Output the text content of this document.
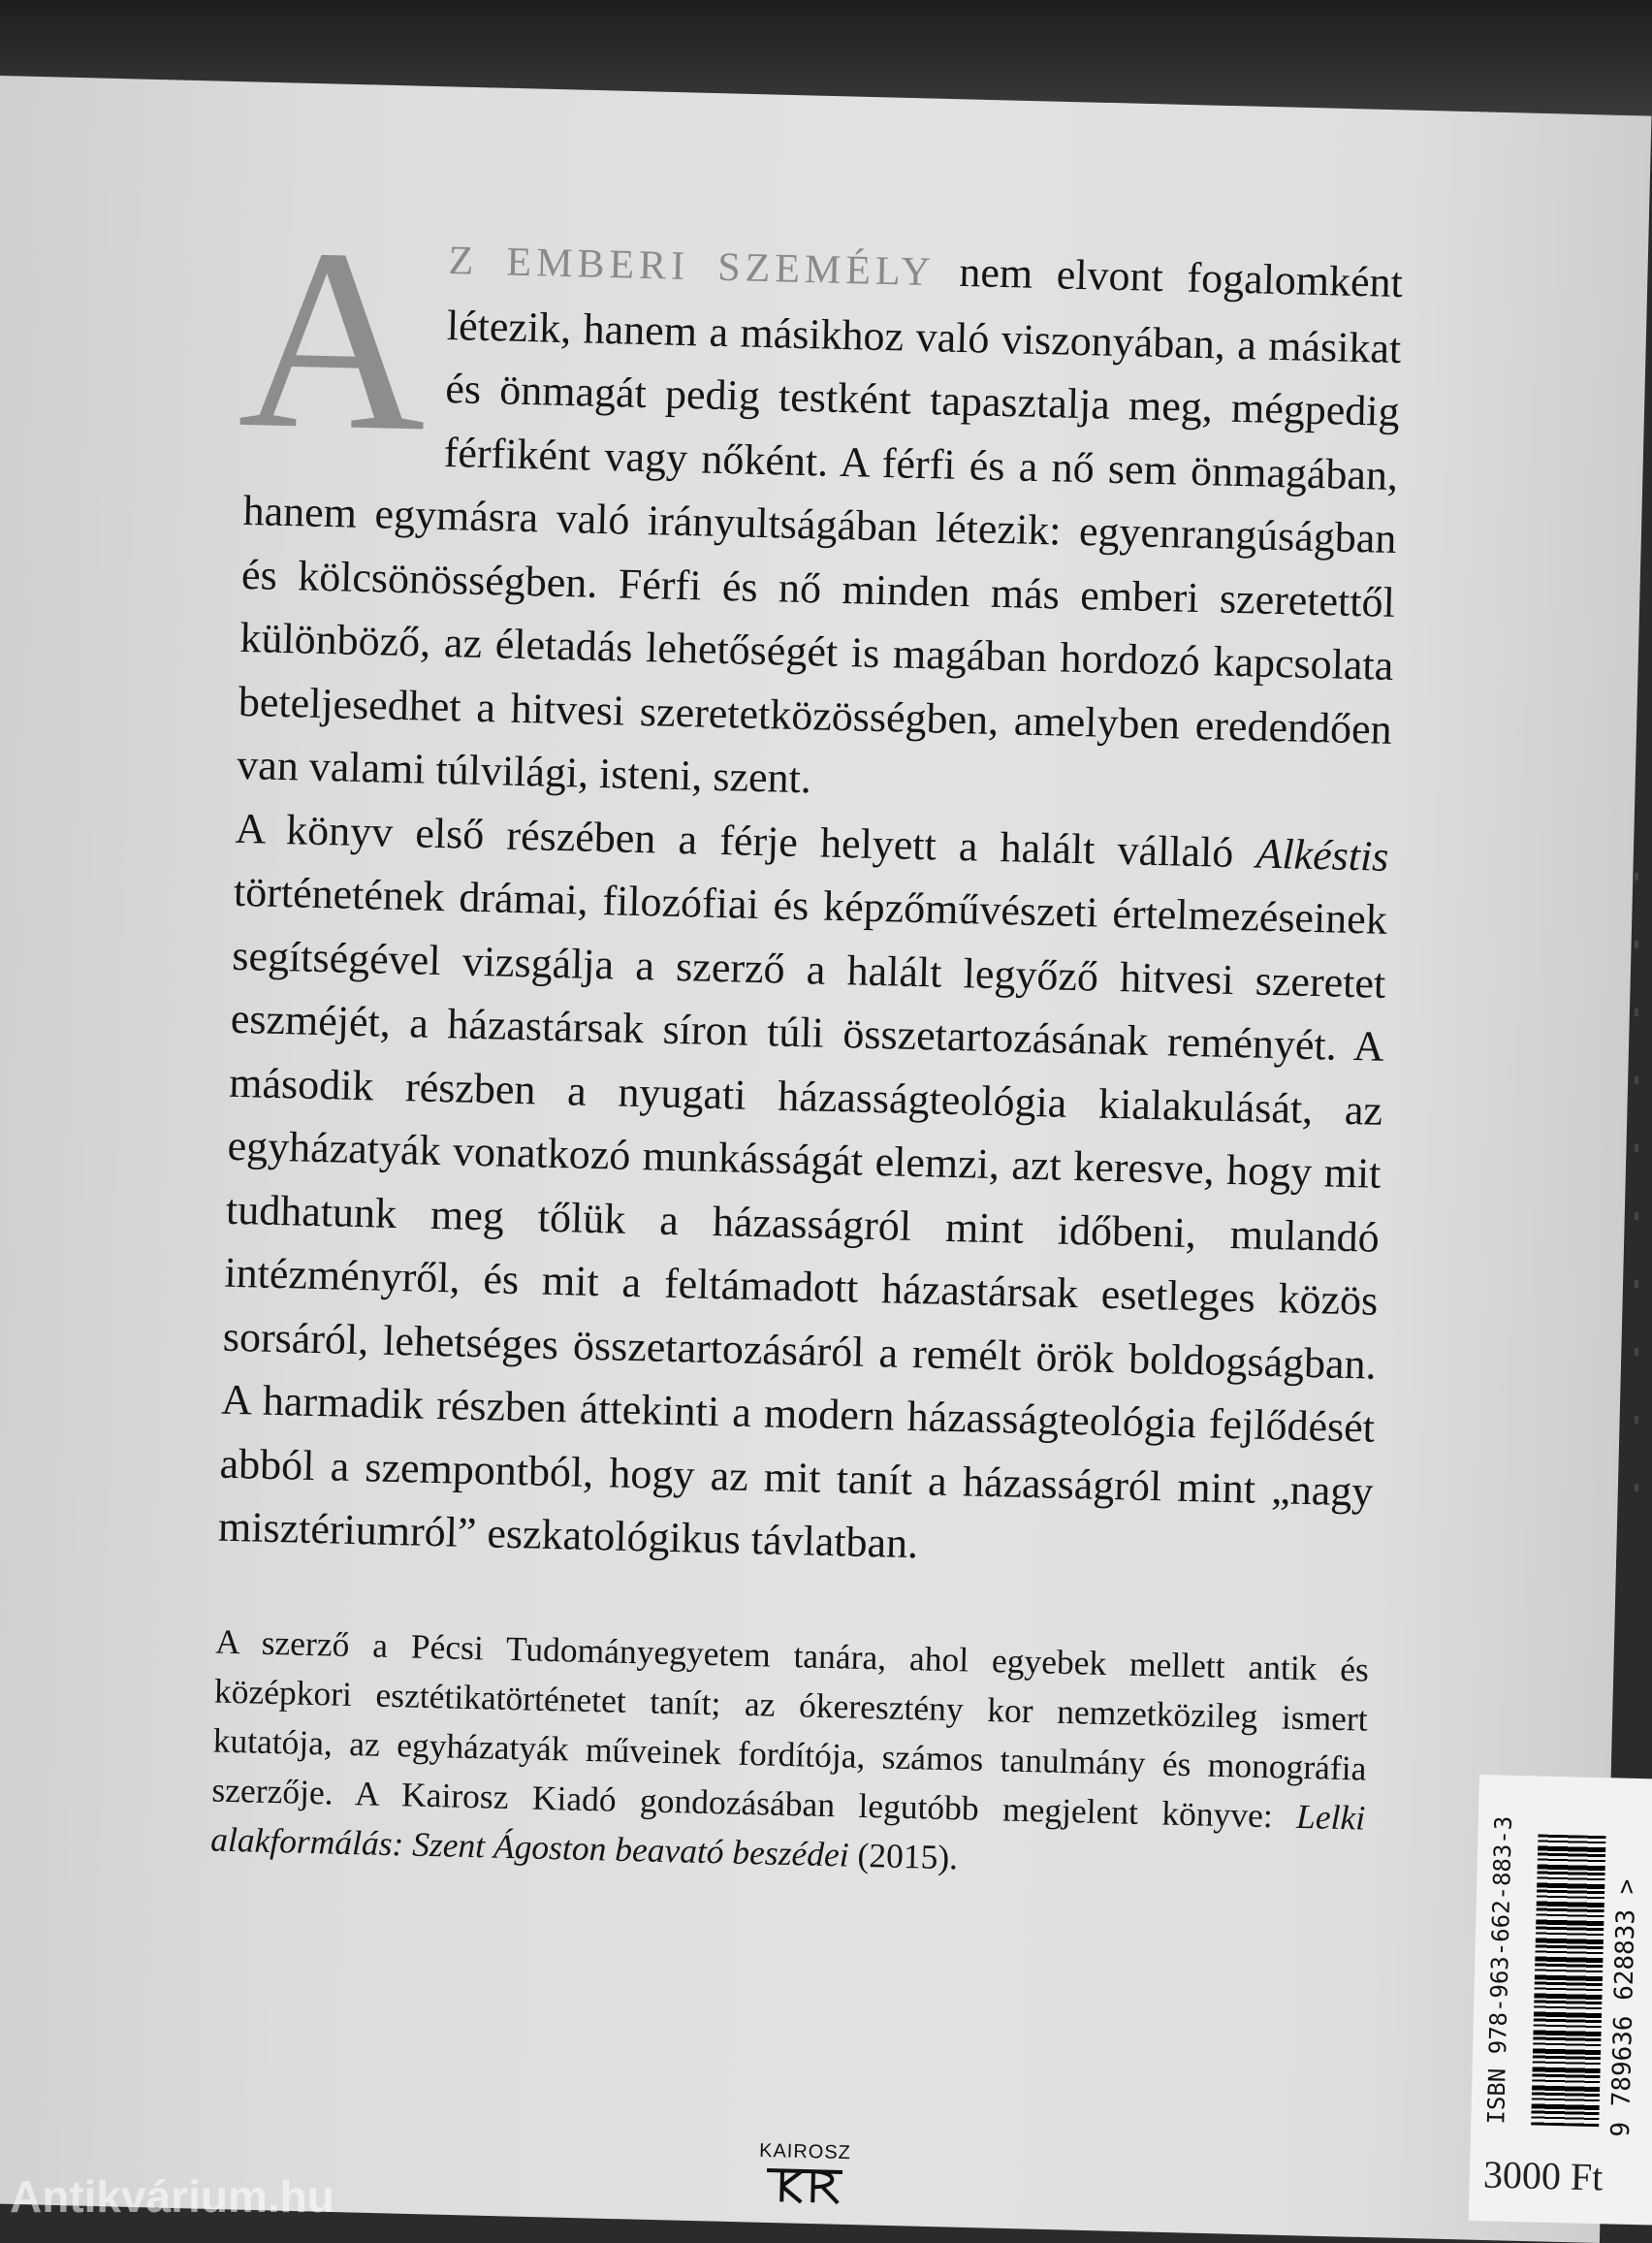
A Z EMBERI SZEMÉLY nem elvont fogalomként létezik, hanem a másikhoz való viszonyában, a másikat és önmagát pedig testként tapasztalja meg, mégpedig férfiként vagy nőként. A férfi és a nő sem önmagában, hanem egymásra való irányultságában létezik: egyenrangúságban és kölcsönösségben. Férfi és nő minden más emberi szeretettől különböző, az életadás lehetőségét is magában hordozó kapcsolata beteljesedhet a hitvesi szeretetközösségben, amelyben eredendően van valami túlvilági, isteni, szent.

A könyv első részében a férje helyett a halált vállaló Alkéstis történetének drámai, filozófiai és képzőművészeti értelmezéseinek segítségével vizsgálja a szerző a halált legyőző hitvesi szeretet eszméjét, a házastársak síron túli összetartozásának reményét. A második részben a nyugati házasságteológia kialakulását, az egyházatyák vonatkozó munkásságát elemzi, azt keresve, hogy mit tudhatunk meg tőlük a házasságról mint időbeni, mulandó intézményről, és mit a feltámadott házastársak esetleges közös sorsáról, lehetséges összetartozásáról a remélt örök boldogságban. A harmadik részben áttekinti a modern házasságteológia fejlődését abból a szempontból, hogy az mit tanít a házasságról mint „nagy misztériumról” eszkatológikus távlatban.

A szerző a Pécsi Tudományegyetem tanára, ahol egyebek mellett antik és középkori esztétikatörténetet tanít; az ókeresztény kor nemzetközileg ismert kutatója, az egyházatyák műveinek fordítója, számos tanulmány és monográfia szerzője. A Kairosz Kiadó gondozásában legutóbb megjelent könyve: Lelki alakformálás: Szent Ágoston beavató beszédei (2015).	ISBN 978-963-662-883-3	9 789636 628833 >
3000 Ft
KAIROSZ
Antikvárium.hu
